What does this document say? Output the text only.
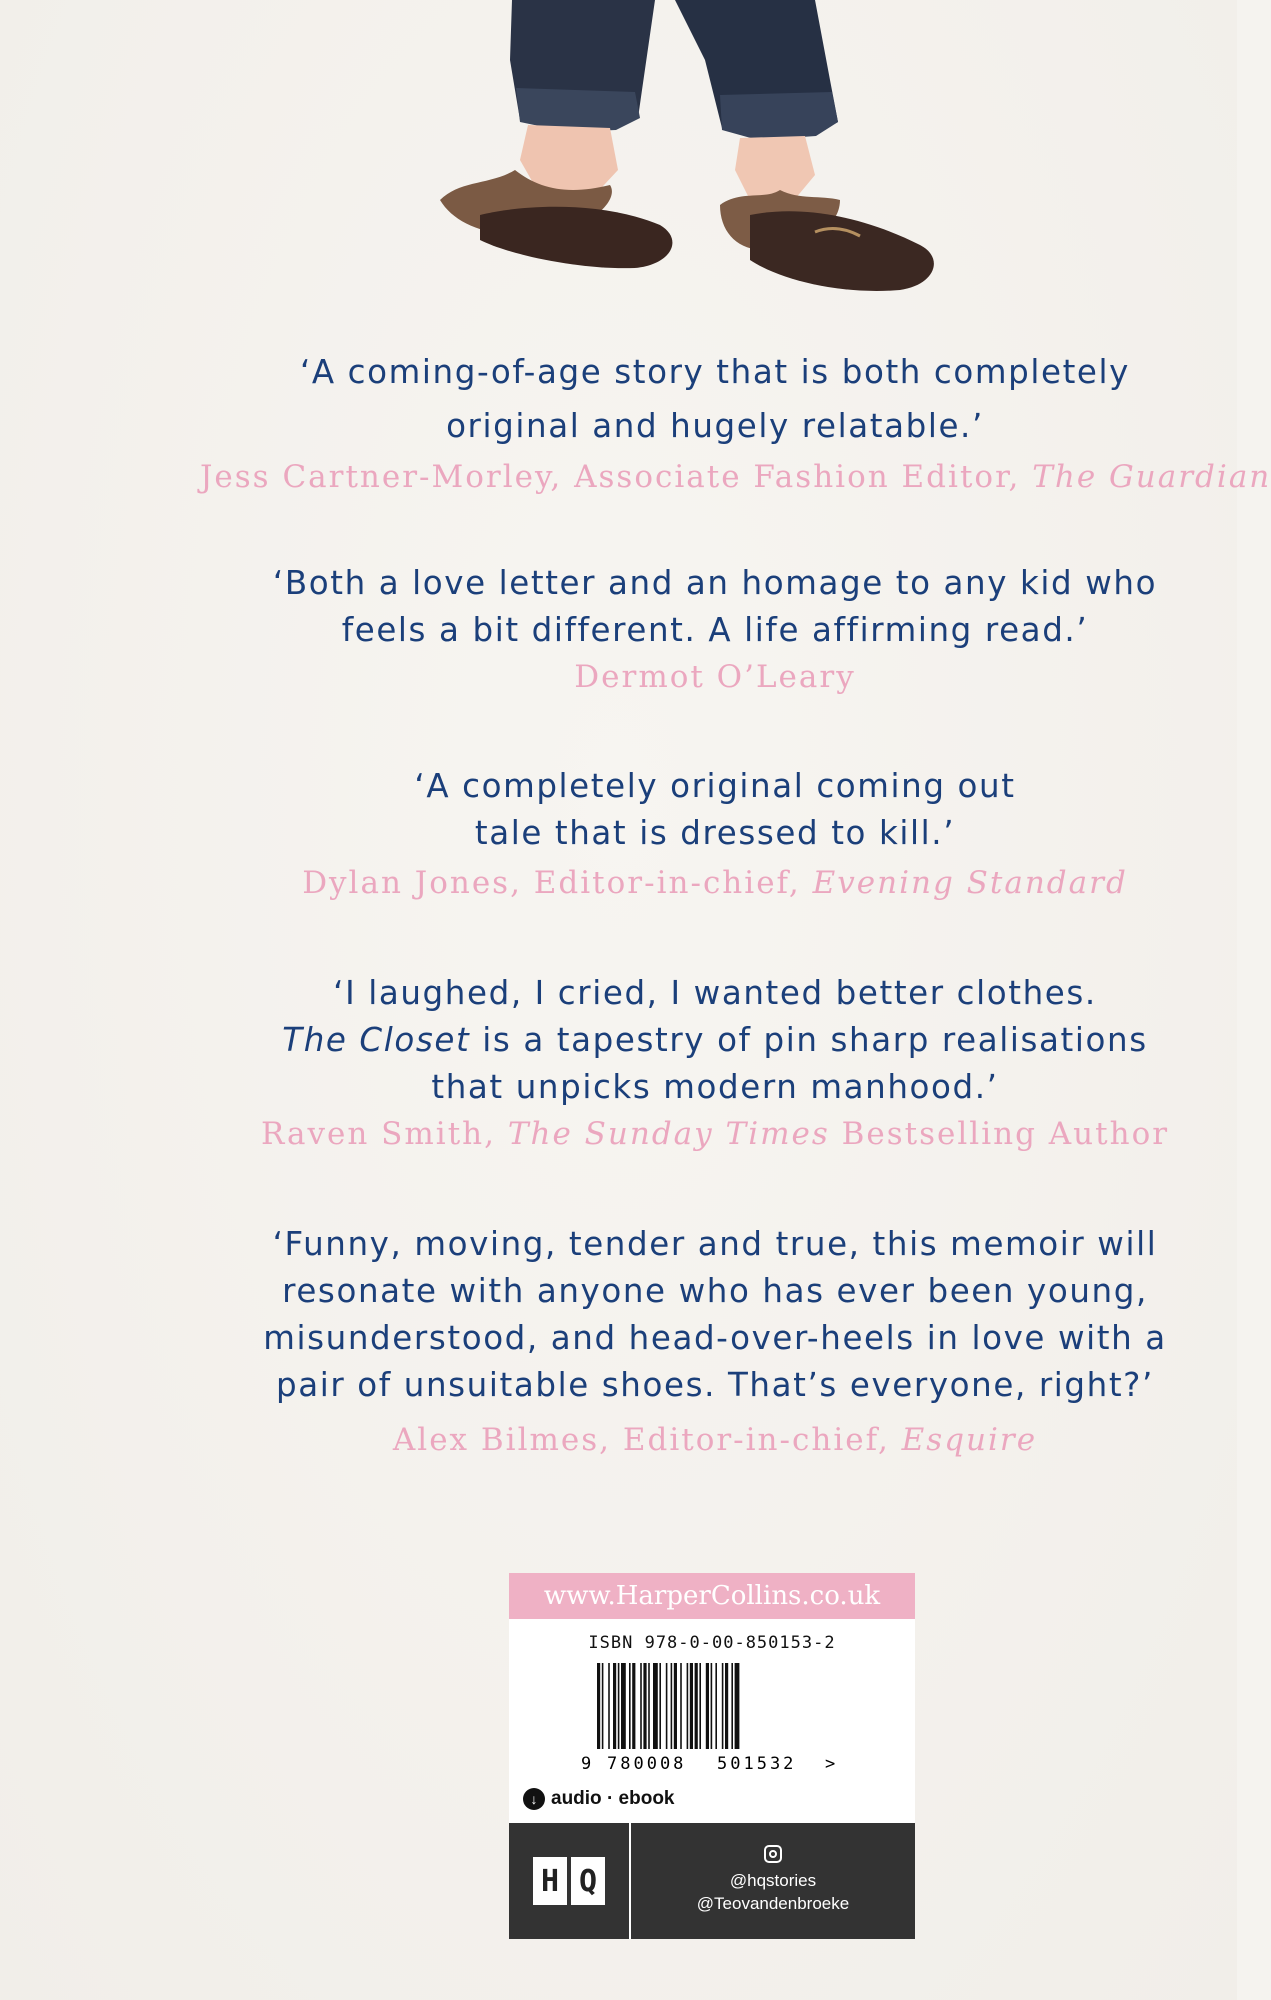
‘A coming-of-age story that is both completely
original and hugely relatable.’
Jess Cartner-Morley, Associate Fashion Editor, The Guardian
‘Both a love letter and an homage to any kid who
feels a bit different. A life affirming read.’
Dermot O’Leary
‘A completely original coming out
tale that is dressed to kill.’
Dylan Jones, Editor-in-chief, Evening Standard
‘I laughed, I cried, I wanted better clothes.
The Closet is a tapestry of pin sharp realisations
that unpicks modern manhood.’
Raven Smith, The Sunday Times Bestselling Author
‘Funny, moving, tender and true, this memoir will
resonate with anyone who has ever been young,
misunderstood, and head-over-heels in love with a
pair of unsuitable shoes. That’s everyone, right?’
Alex Bilmes, Editor-in-chief, Esquire
www.HarperCollins.co.uk
ISBN 978-0-00-850153-2
9 780008 501532 >
↓ audio · ebook
H Q	@hqstories
@Teovandenbroeke
